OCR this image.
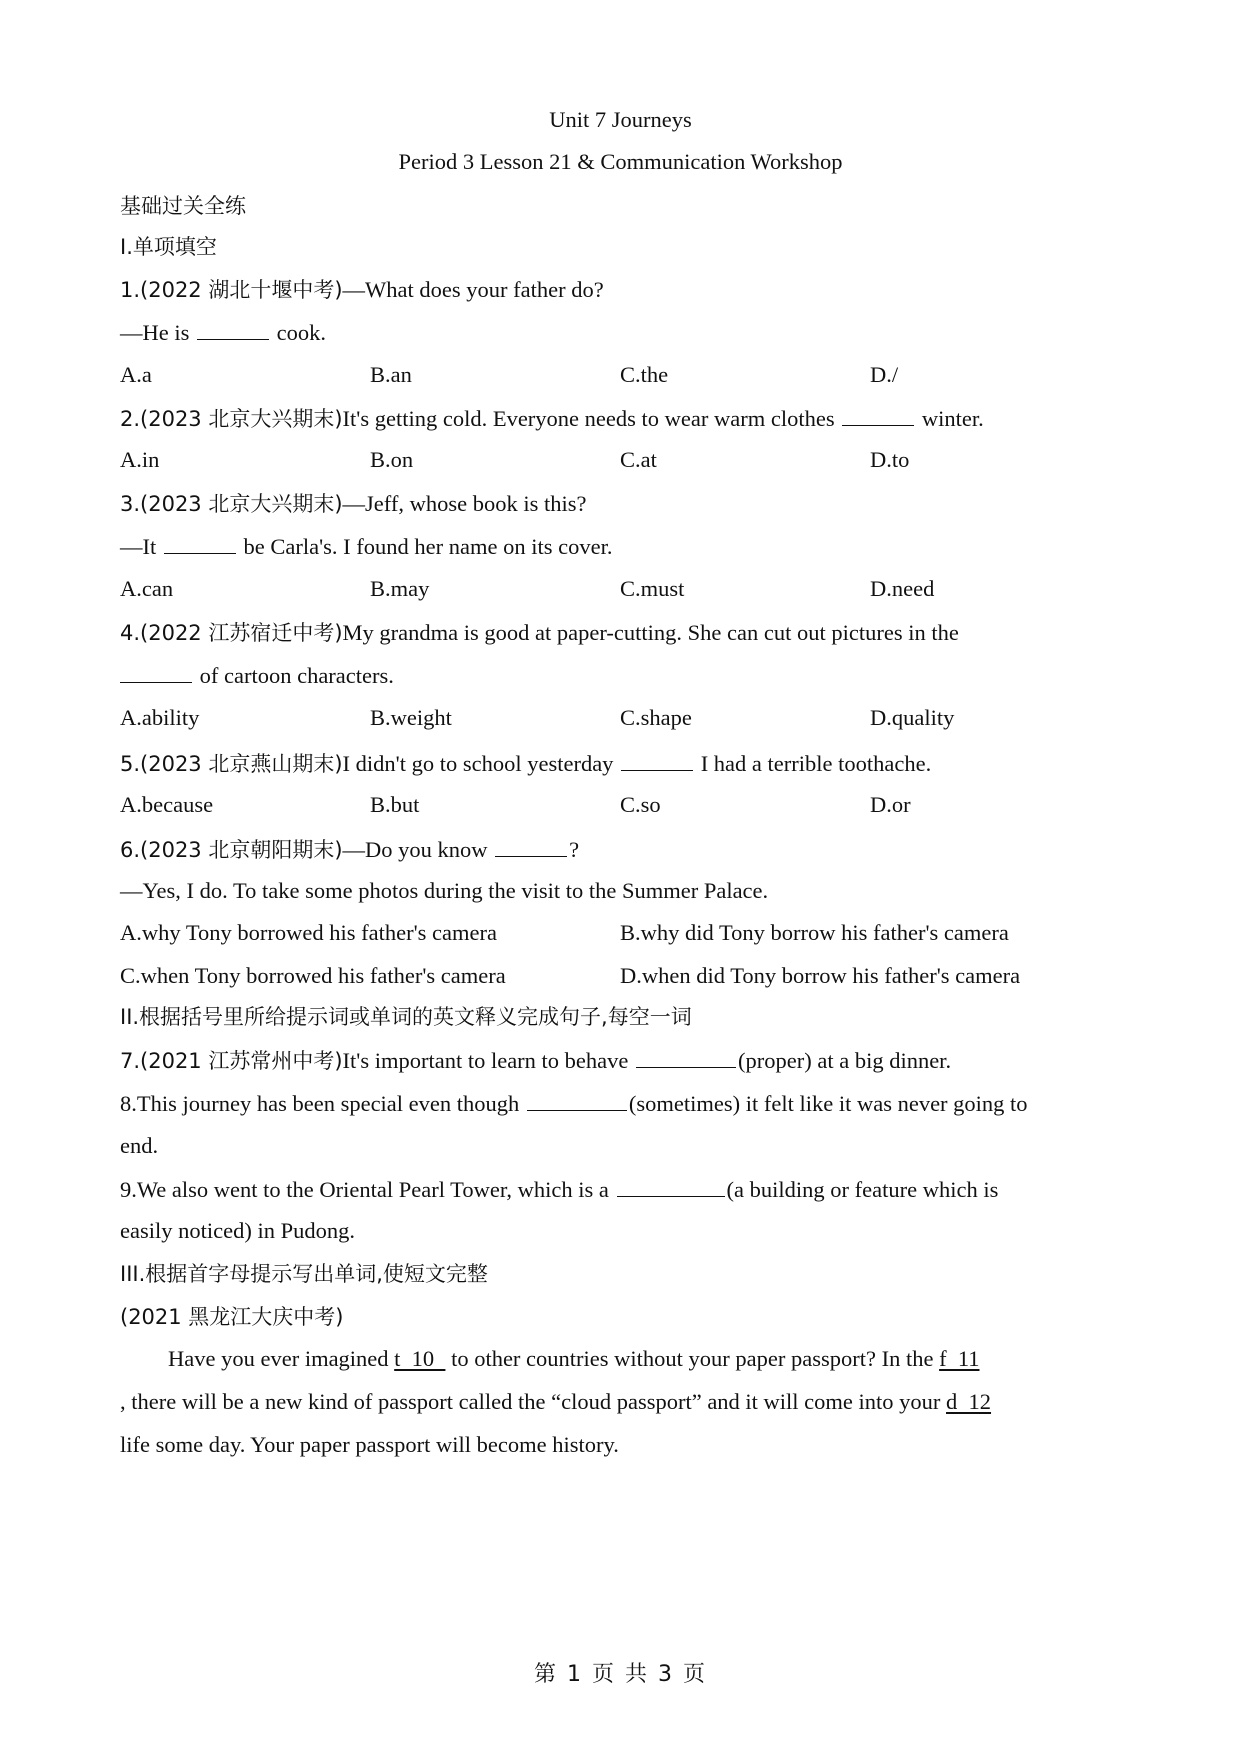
Unit 7 Journeys
Period 3 Lesson 21 & Communication Workshop
基础过关全练
I.单项填空
1.(2022 湖北十堰中考)—What does your father do?
—He is	cook.
A.a	B.an	C.the	D./
2.(2023 北京大兴期末)It's getting cold. Everyone needs to wear warm clothes	winter.
A.in	B.on	C.at	D.to
3.(2023 北京大兴期末)—Jeff, whose book is this?
—It	be Carla's. I found her name on its cover.
A.can	B.may	C.must	D.need
4.(2022 江苏宿迁中考)My grandma is good at paper-cutting. She can cut out pictures in the
of cartoon characters.
A.ability	B.weight	C.shape	D.quality
5.(2023 北京燕山期末)I didn't go to school yesterday	I had a terrible toothache.
A.because	B.but	C.so	D.or
6.(2023 北京朝阳期末)—Do you know	?
—Yes, I do. To take some photos during the visit to the Summer Palace.
A.why Tony borrowed his father's camera	B.why did Tony borrow his father's camera
C.when Tony borrowed his father's camera	D.when did Tony borrow his father's camera
II.根据括号里所给提示词或单词的英文释义完成句子,每空一词
7.(2021 江苏常州中考)It's important to learn to behave	(proper) at a big dinner.
8.This journey has been special even though	(sometimes) it felt like it was never going to
end.
9.We also went to the Oriental Pearl Tower, which is a	(a building or feature which is
easily noticed) in Pudong.
III.根据首字母提示写出单词,使短文完整
(2021 黑龙江大庆中考)
Have you ever imagined t  10   to other countries without your paper passport? In the f  11
, there will be a new kind of passport called the “cloud passport” and it will come into your d  12
life some day. Your paper passport will become history.
第 1 页 共 3 页
